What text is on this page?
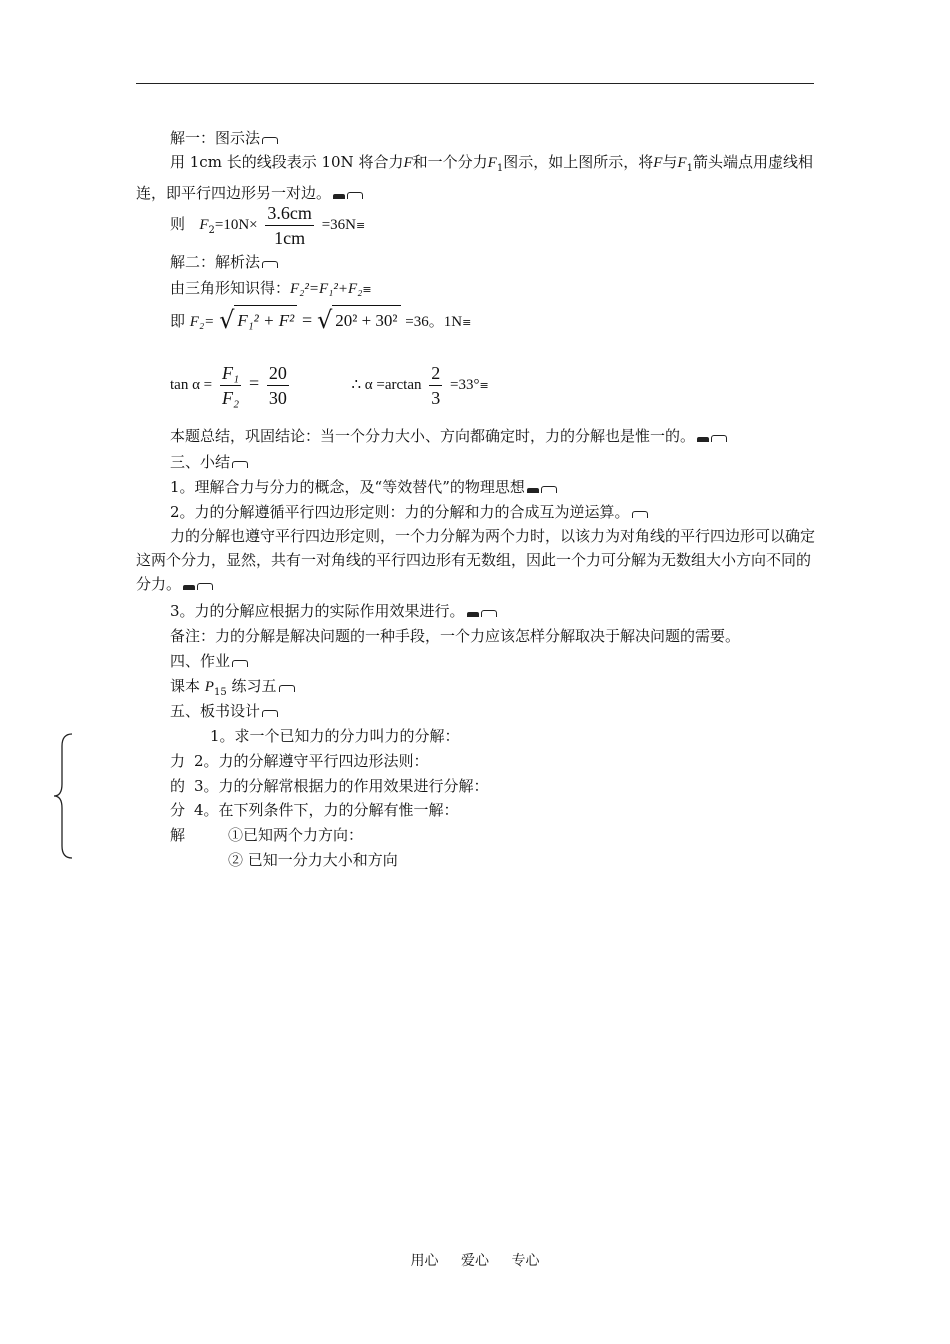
解一：图示法
用 1cm 长的线段表示 10N 将合力F和一个分力$F_1$图示，如上图所示，将F与$F_1$箭头端点用虚线相连，即平行四边形另一对边。
则 $F_2=10N\times \frac{3.6cm}{1cm} =36N\equiv$
解二：解析法
由三角形知识得：F₂²=F₁²+F₂≡
即 F₂= √ F₁² + F² = √ 20² + 30² =36。1N≡
$\tan \alpha = \frac{\text{F₁}}{\text{F₂}} = \frac{20}{30}$	∴ $\alpha =\arctan \frac{2}{3} =33^\circ\equiv$
本题总结，巩固结论：当一个分力大小、方向都确定时，力的分解也是惟一的。
三、小结
1。理解合力与分力的概念，及“等效替代”的物理思想
2。力的分解遵循平行四边形定则：力的分解和力的合成互为逆运算。
力的分解也遵守平行四边形定则，一个力分解为两个力时，以该力为对角线的平行四边形可以确定这两个分力，显然，共有一对角线的平行四边形有无数组，因此一个力可分解为无数组大小方向不同的分力。
3。力的分解应根据力的实际作用效果进行。
备注：力的分解是解决问题的一种手段，一个力应该怎样分解取决于解决问题的需要。
四、作业
课本 $P_{15}$ 练习五
五、板书设计
1。求一个已知力的分力叫力的分解：
力 2。力的分解遵守平行四边形法则：
的 3。力的分解常根据力的作用效果进行分解：
分 4。在下列条件下，力的分解有惟一解：
解	①已知两个力方向：
② 已知一分力大小和方向
用心 爱心 专心
